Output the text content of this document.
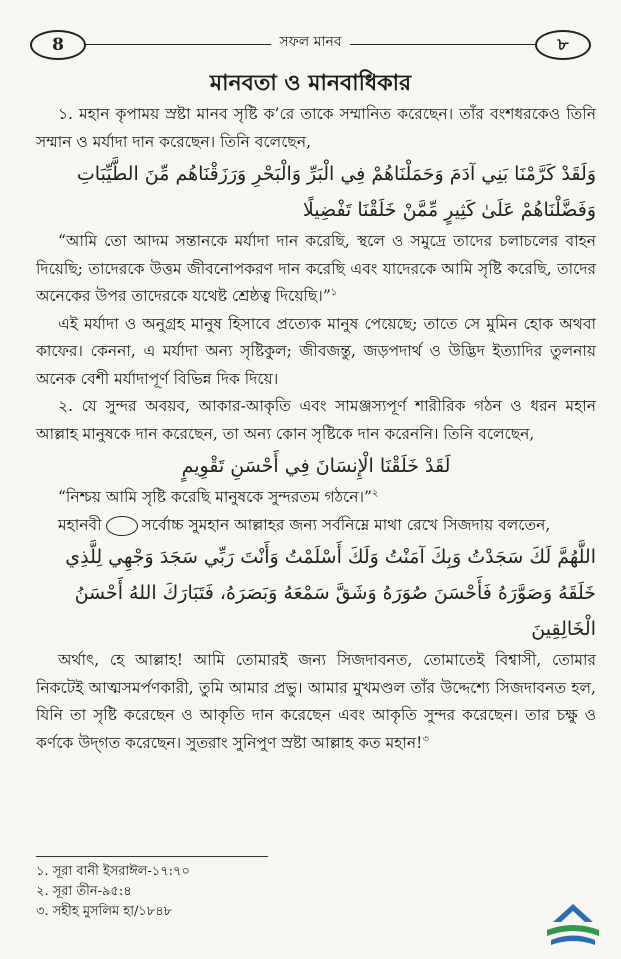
8	সফল মানব	৮
মানবতা ও মানবাধিকার

১. মহান কৃপাময় স্রষ্টা মানব সৃষ্টি ক’রে তাকে সম্মানিত করেছেন। তাঁর বংশধরকেও তিনি সম্মান ও মর্যাদা দান করেছেন। তিনি বলেছেন,

وَلَقَدْ كَرَّمْنَا بَنِي آدَمَ وَحَمَلْنَاهُمْ فِي الْبَرِّ وَالْبَحْرِ وَرَزَقْنَاهُم مِّنَ الطَّيِّبَاتِ

وَفَضَّلْنَاهُمْ عَلَىٰ كَثِيرٍ مِّمَّنْ خَلَقْنَا تَفْضِيلًا

“আমি তো আদম সন্তানকে মর্যাদা দান করেছি, স্থলে ও সমুদ্রে তাদের চলাচলের বাহন দিয়েছি; তাদেরকে উত্তম জীবনোপকরণ দান করেছি এবং যাদেরকে আমি সৃষ্টি করেছি, তাদের অনেকের উপর তাদেরকে যথেষ্ট শ্রেষ্ঠত্ব দিয়েছি।”$^১$

এই মর্যাদা ও অনুগ্রহ মানুষ হিসাবে প্রত্যেক মানুষ পেয়েছে; তাতে সে মুমিন হোক অথবা কাফের। কেননা, এ মর্যাদা অন্য সৃষ্টিকুল; জীবজন্তু, জড়পদার্থ ও উদ্ভিদ ইত্যাদির তুলনায় অনেক বেশী মর্যাদাপূর্ণ বিভিন্ন দিক দিয়ে।

২. যে সুন্দর অবয়ব, আকার-আকৃতি এবং সামঞ্জস্যপূর্ণ শারীরিক গঠন ও ধরন মহান আল্লাহ মানুষকে দান করেছেন, তা অন্য কোন সৃষ্টিকে দান করেননি। তিনি বলেছেন,

لَقَدْ خَلَقْنَا الْإِنسَانَ فِي أَحْسَنِ تَقْوِيمٍ

“নিশ্চয় আমি সৃষ্টি করেছি মানুষকে সুন্দরতম গঠনে।”$^২$

মহানবী	সর্বোচ্চ সুমহান আল্লাহর জন্য সর্বনিম্নে মাথা রেখে সিজদায় বলতেন,

اللَّهُمَّ لَكَ سَجَدْتُ وَبِكَ آمَنْتُ وَلَكَ أَسْلَمْتُ وَأَنْتَ رَبِّي سَجَدَ وَجْهِي لِلَّذِي

خَلَقَهُ وَصَوَّرَهُ فَأَحْسَنَ صُوَرَهُ وَشَقَّ سَمْعَهُ وَبَصَرَهُ، فَتَبَارَكَ اللهُ أَحْسَنُ الْخَالِقِينَ

অর্থাৎ, হে আল্লাহ! আমি তোমারই জন্য সিজদাবনত, তোমাতেই বিশ্বাসী, তোমার নিকটেই আত্মসমর্পণকারী, তুমি আমার প্রভু। আমার মুখমণ্ডল তাঁর উদ্দেশ্যে সিজদাবনত হল, যিনি তা সৃষ্টি করেছেন ও আকৃতি দান করেছেন এবং আকৃতি সুন্দর করেছেন। তার চক্ষু ও কর্ণকে উদ্‌গত করেছেন। সুতরাং সুনিপুণ স্রষ্টা আল্লাহ কত মহান!$^৩$

১. সূরা বানী ইসরাঈল-১৭:৭০
২. সূরা তীন-৯৫:৪
৩. সহীহ মুসলিম হা/১৮৪৮
